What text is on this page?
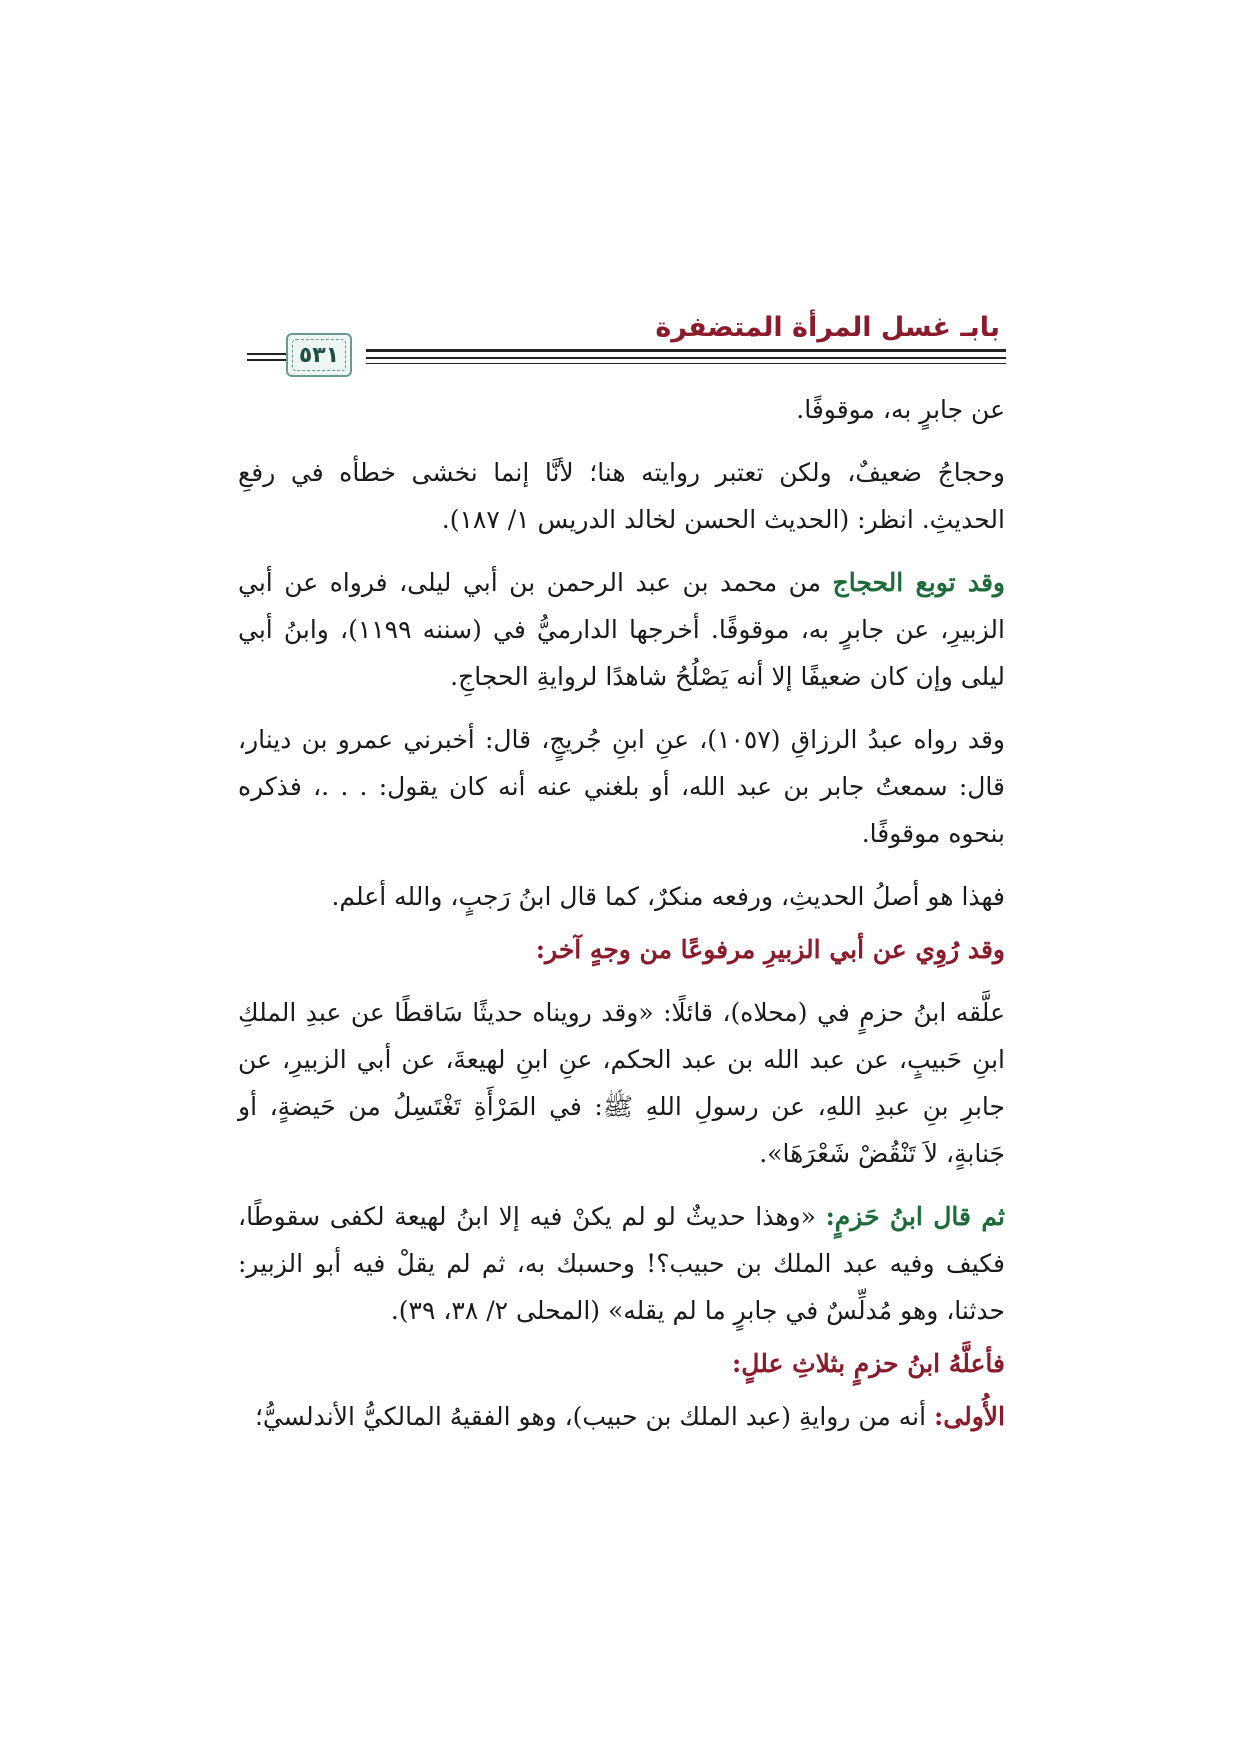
بابـ غسل المرأة المتضفرة
٥٣١

عن جابرٍ به، موقوفًا.

وحجاجُ ضعيفٌ، ولكن تعتبر روايته هنا؛ لأنَّا إنما نخشى خطأه في رفعِ الحديثِ. انظر: (الحديث الحسن لخالد الدريس ١/ ١٨٧).

وقد توبع الحجاج من محمد بن عبد الرحمن بن أبي ليلى، فرواه عن أبي الزبيرِ، عن جابرٍ به، موقوفًا. أخرجها الدارميُّ في (سننه ١١٩٩)، وابنُ أبي ليلى وإن كان ضعيفًا إلا أنه يَصْلُحُ شاهدًا لروايةِ الحجاجِ.

وقد رواه عبدُ الرزاقِ (١٠٥٧)، عنِ ابنِ جُريجٍ، قال: أخبرني عمرو بن دينار، قال: سمعتُ جابر بن عبد الله، أو بلغني عنه أنه كان يقول: . . .، فذكره بنحوه موقوفًا.

فهذا هو أصلُ الحديثِ، ورفعه منكرٌ، كما قال ابنُ رَجبٍ، والله أعلم.

وقد رُوِي عن أبي الزبيرِ مرفوعًا من وجهٍ آخر:

علَّقه ابنُ حزمٍ في (محلاه)، قائلًا: «وقد رويناه حديثًا سَاقطًا عن عبدِ الملكِ ابنِ حَبيبٍ، عن عبد الله بن عبد الحكم، عنِ ابنِ لهيعةَ، عن أبي الزبيرِ، عن جابرِ بنِ عبدِ اللهِ، عن رسولِ اللهِ ﷺ: في المَرْأَةِ تَغْتَسِلُ من حَيضةٍ، أو جَنابةٍ، لاَ تَنْقُضْ شَعْرَهَا».

ثم قال ابنُ حَزمٍ: «وهذا حديثٌ لو لم يكنْ فيه إلا ابنُ لهيعة لكفى سقوطًا، فكيف وفيه عبد الملك بن حبيب؟! وحسبك به، ثم لم يقلْ فيه أبو الزبير: حدثنا، وهو مُدلِّسٌ في جابرٍ ما لم يقله» (المحلى ٢/ ٣٨، ٣٩).

فأعلَّهُ ابنُ حزمٍ بثلاثِ عللٍ:

الأُولى: أنه من روايةِ (عبد الملك بن حبيب)، وهو الفقيهُ المالكيُّ الأندلسيُّ؛
